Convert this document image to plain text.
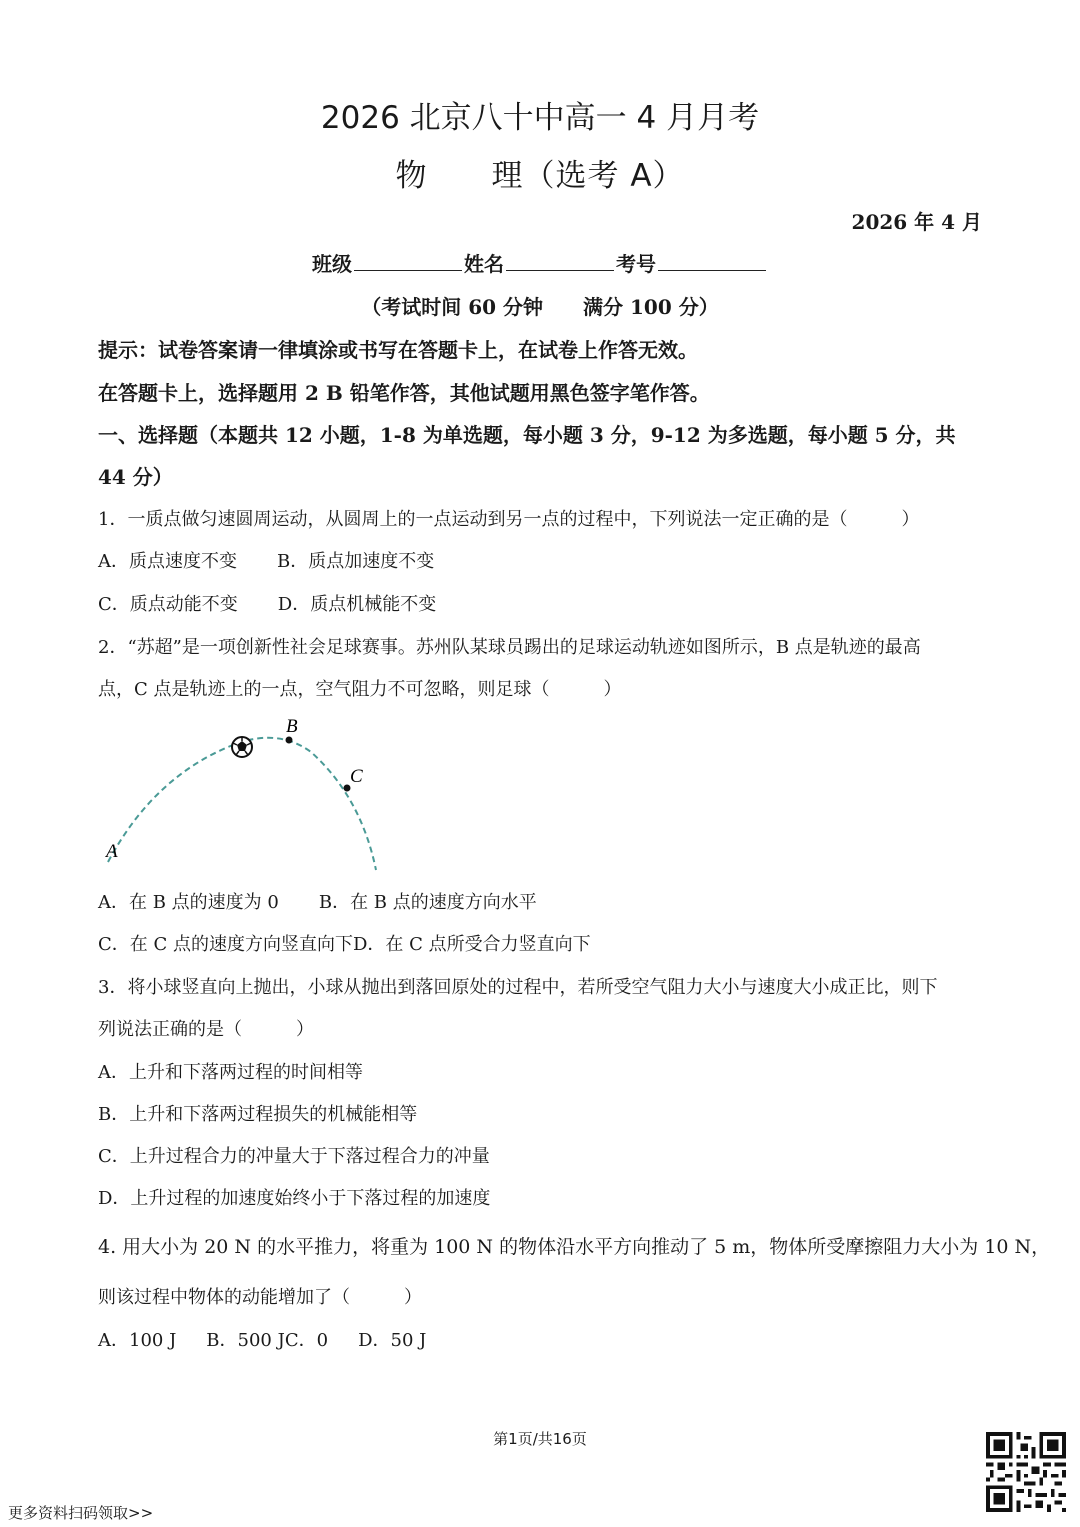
2026 北京八十中高一 4 月月考
物　　理（选考 A）
2026 年 4 月
班级	姓名	考号
（考试时间 60 分钟　　满分 100 分）
提示：试卷答案请一律填涂或书写在答题卡上，在试卷上作答无效。
在答题卡上，选择题用 2 B 铅笔作答，其他试题用黑色签字笔作答。
一、选择题（本题共 12 小题，1-8 为单选题，每小题 3 分，9-12 为多选题，每小题 5 分，共
44 分）
1．一质点做匀速圆周运动，从圆周上的一点运动到另一点的过程中，下列说法一定正确的是（　　　）
A．质点速度不变 B．质点加速度不变
C．质点动能不变 D．质点机械能不变
2．“苏超”是一项创新性社会足球赛事。苏州队某球员踢出的足球运动轨迹如图所示，B 点是轨迹的最高
点，C 点是轨迹上的一点，空气阻力不可忽略，则足球（　　　）
A
B
C
A．在 B 点的速度为 0 B．在 B 点的速度方向水平
C．在 C 点的速度方向竖直向下D．在 C 点所受合力竖直向下
3．将小球竖直向上抛出，小球从抛出到落回原处的过程中，若所受空气阻力大小与速度大小成正比，则下
列说法正确的是（　　　）
A．上升和下落两过程的时间相等
B．上升和下落两过程损失的机械能相等
C．上升过程合力的冲量大于下落过程合力的冲量
D．上升过程的加速度始终小于下落过程的加速度
4. 用大小为 20 N 的水平推力，将重为 100 N 的物体沿水平方向推动了 5 m，物体所受摩擦阻力大小为 10 N，
则该过程中物体的动能增加了（　　　）
A．100 J B．500 JC．0 D．50 J
第1页/共16页
更多资料扫码领取>>
